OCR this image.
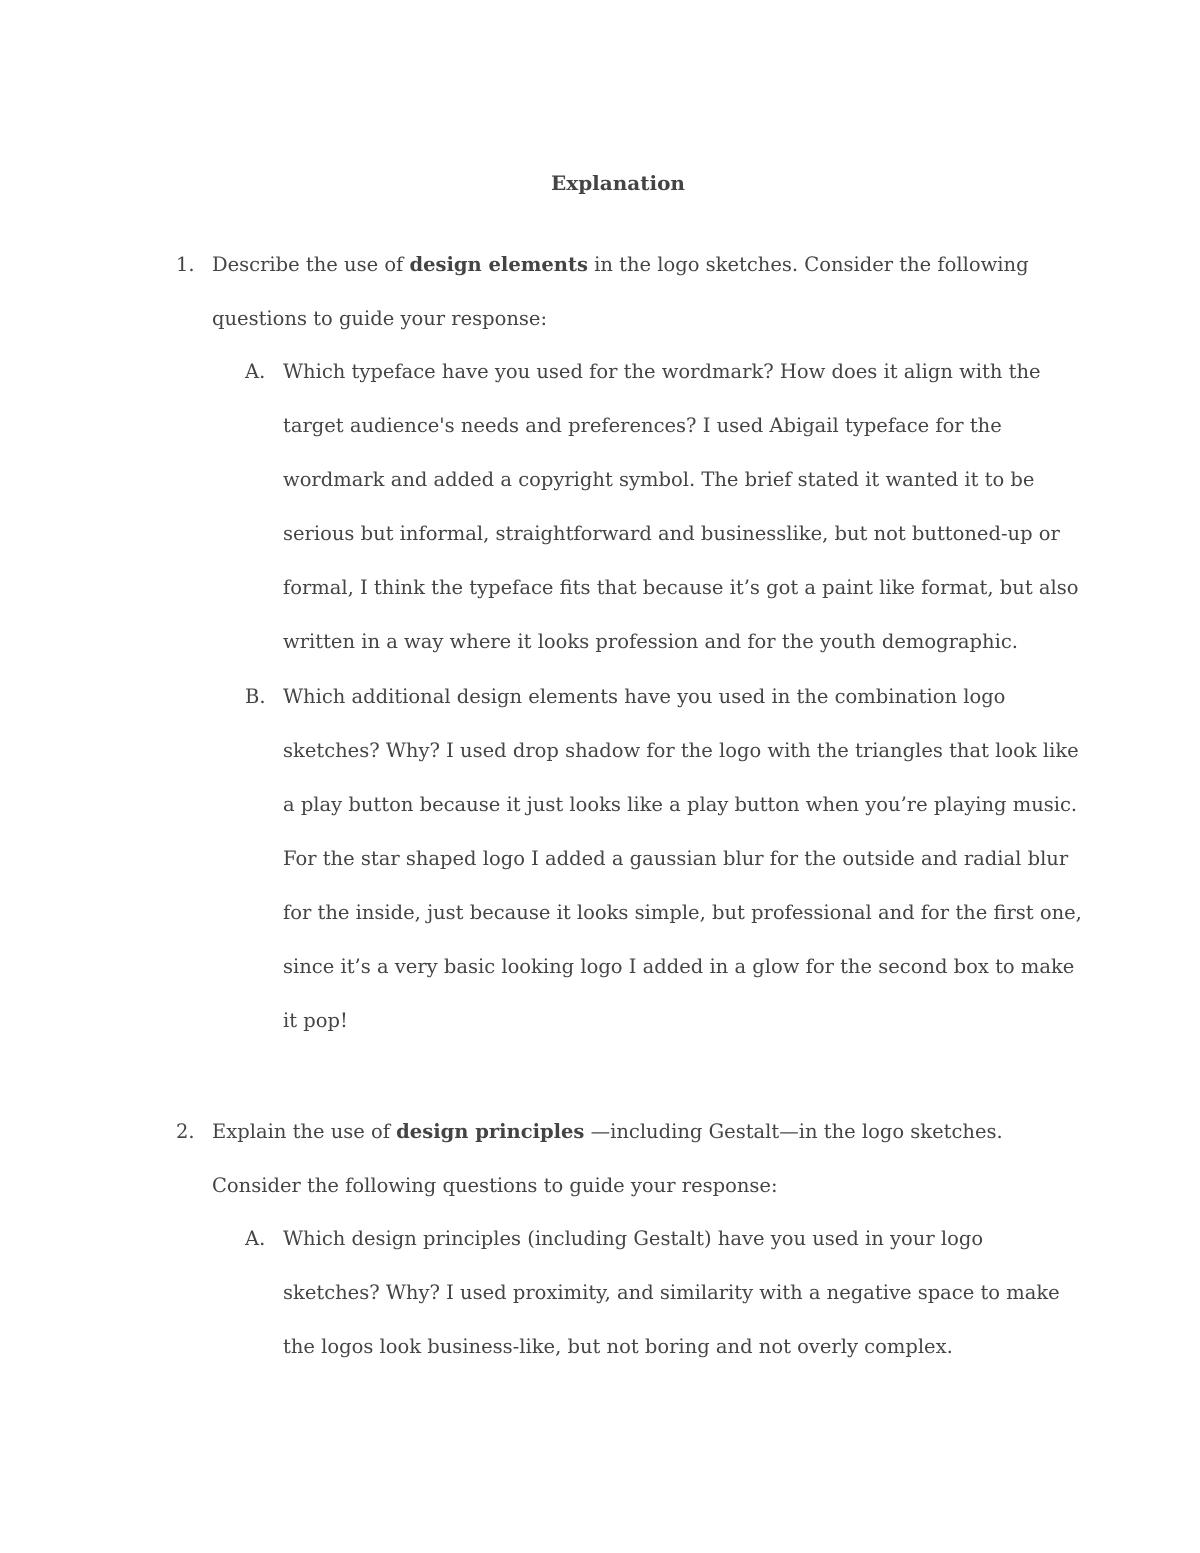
Explanation
1. Describe the use of design elements in the logo sketches. Consider the following questions to guide your response:
A. Which typeface have you used for the wordmark? How does it align with the target audience's needs and preferences? I used Abigail typeface for the wordmark and added a copyright symbol. The brief stated it wanted it to be serious but informal, straightforward and businesslike, but not buttoned-up or formal, I think the typeface fits that because it’s got a paint like format, but also written in a way where it looks profession and for the youth demographic.
B. Which additional design elements have you used in the combination logo sketches? Why? I used drop shadow for the logo with the triangles that look like a play button because it just looks like a play button when you’re playing music. For the star shaped logo I added a gaussian blur for the outside and radial blur for the inside, just because it looks simple, but professional and for the first one, since it’s a very basic looking logo I added in a glow for the second box to make it pop!
2. Explain the use of design principles —including Gestalt—in the logo sketches. Consider the following questions to guide your response:
A. Which design principles (including Gestalt) have you used in your logo sketches? Why? I used proximity, and similarity with a negative space to make the logos look business-like, but not boring and not overly complex.
